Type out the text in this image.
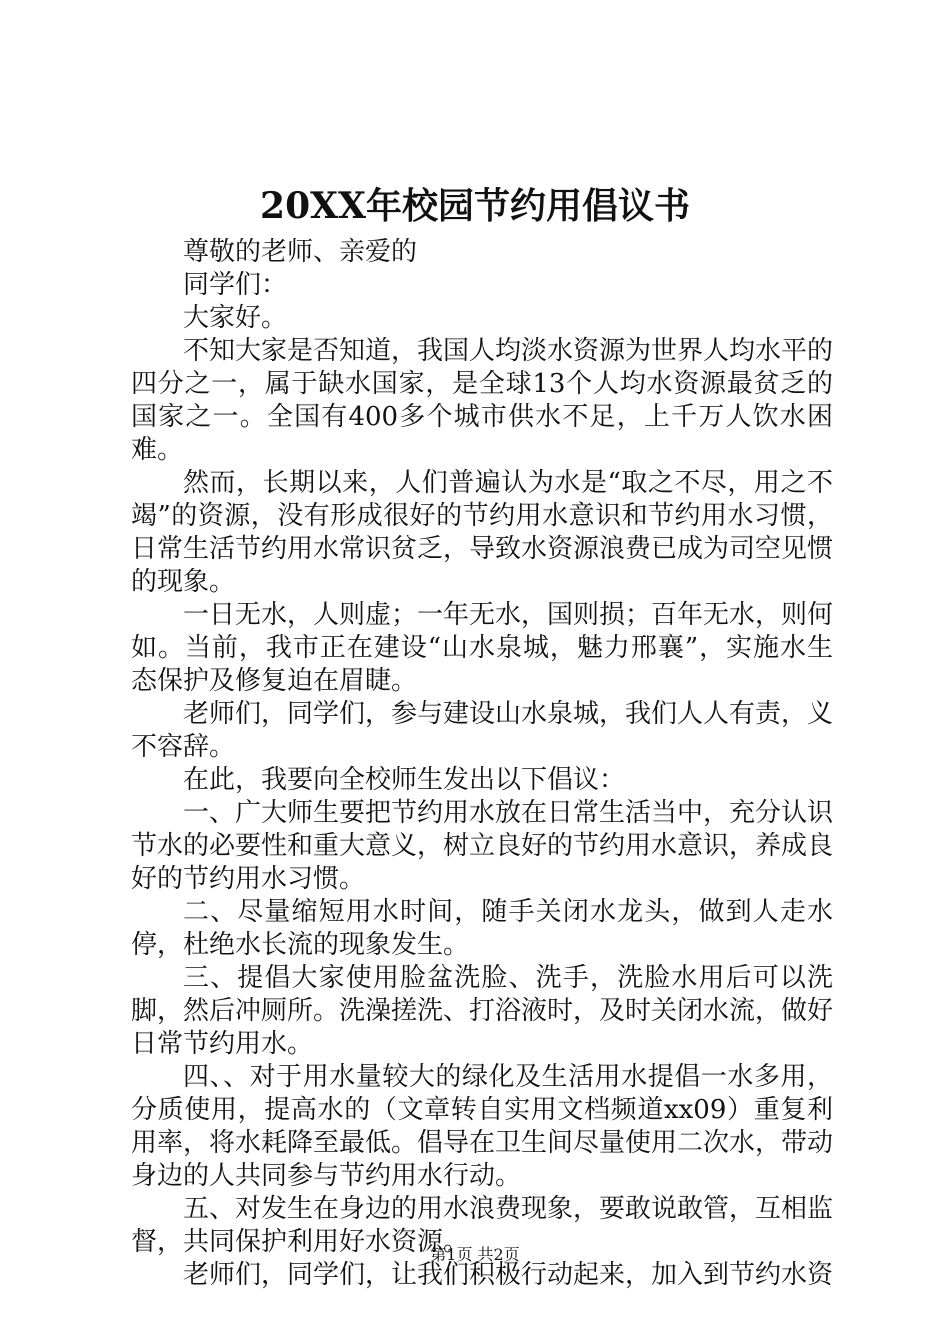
20XX年校园节约用倡议书

尊敬的老师、亲爱的

同学们：

大家好。

不知大家是否知道，我国人均淡水资源为世界人均水平的四分之一，属于缺水国家，是全球13个人均水资源最贫乏的国家之一。全国有400多个城市供水不足，上千万人饮水困难。

然而，长期以来，人们普遍认为水是“取之不尽，用之不竭”的资源，没有形成很好的节约用水意识和节约用水习惯，日常生活节约用水常识贫乏，导致水资源浪费已成为司空见惯的现象。

一日无水，人则虚；一年无水，国则损；百年无水，则何如。当前，我市正在建设“山水泉城，魅力邢襄”，实施水生态保护及修复迫在眉睫。

老师们，同学们，参与建设山水泉城，我们人人有责，义不容辞。

在此，我要向全校师生发出以下倡议：

一、广大师生要把节约用水放在日常生活当中，充分认识节水的必要性和重大意义，树立良好的节约用水意识，养成良好的节约用水习惯。

二、尽量缩短用水时间，随手关闭水龙头，做到人走水停，杜绝水长流的现象发生。

三、提倡大家使用脸盆洗脸、洗手，洗脸水用后可以洗脚，然后冲厕所。洗澡搓洗、打浴液时，及时关闭水流，做好日常节约用水。

四、、对于用水量较大的绿化及生活用水提倡一水多用，分质使用，提高水的（文章转自实用文档频道xx09）重复利用率，将水耗降至最低。倡导在卫生间尽量使用二次水，带动身边的人共同参与节约用水行动。

五、对发生在身边的用水浪费现象，要敢说敢管，互相监督，共同保护利用好水资源。

老师们，同学们，让我们积极行动起来，加入到节约水资

第1页 共2页
